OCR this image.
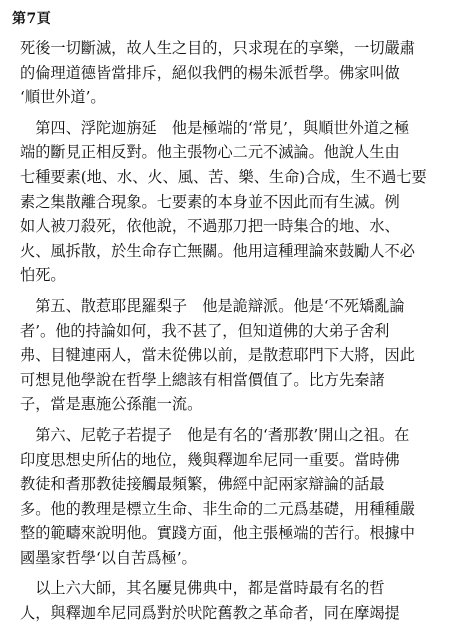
第7頁
死後一切斷滅，故人生之目的，只求現在的享樂，一切嚴肅
的倫理道德皆當排斥，絕似我們的楊朱派哲學。佛家叫做
‘順世外道’。
　第四、浮陀迦旃延　他是極端的‘常見’，與順世外道之極
端的斷見正相反對。他主張物心二元不滅論。他說人生由
七種要素(地、水、火、風、苦、樂、生命)合成，生不過七要
素之集散離合現象。七要素的本身並不因此而有生滅。例
如人被刀殺死，依他說，不過那刀把一時集合的地、水、
火、風拆散，於生命存亡無關。他用這種理論來鼓勵人不必
怕死。
　第五、散惹耶毘羅梨子　他是詭辯派。他是‘不死矯亂論
者’。他的持論如何，我不甚了，但知道佛的大弟子舍利
弗、目犍連兩人，當未從佛以前，是散惹耶門下大將，因此
可想見他學說在哲學上總該有相當價值了。比方先秦諸
子，當是惠施公孫龍一流。
　第六、尼乾子若提子　他是有名的‘耆那教’開山之祖。在
印度思想史所佔的地位，幾與釋迦牟尼同一重要。當時佛
教徒和耆那教徒接觸最頻繁，佛經中記兩家辯論的話最
多。他的教理是標立生命、非生命的二元爲基礎，用種種嚴
整的範疇來說明他。實踐方面，他主張極端的苦行。根據中
國墨家哲學‘以自苦爲極’。
　以上六大師，其名屢見佛典中，都是當時最有名的哲
人，與釋迦牟尼同爲對於吠陀舊教之革命者，同在摩竭提
